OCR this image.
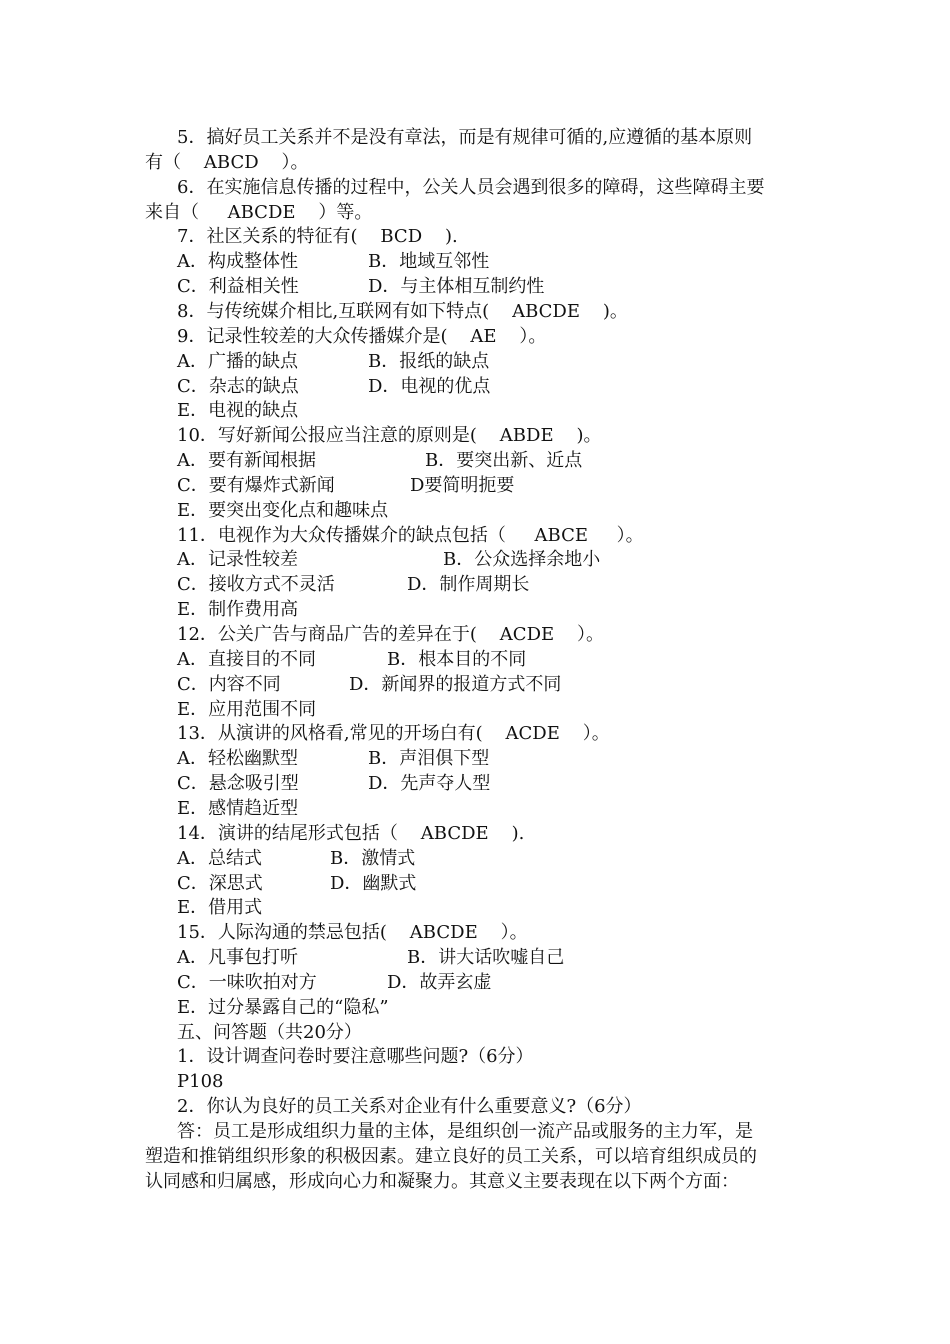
5．搞好员工关系并不是没有章法，而是有规律可循的,应遵循的基本原则
有（    ABCD    ）。
6．在实施信息传播的过程中，公关人员会遇到很多的障碍，这些障碍主要
来自（     ABCDE    ）等。
7．社区关系的特征有(    BCD    ).
A．构成整体性	B．地域互邻性
C．利益相关性	D．与主体相互制约性
8．与传统媒介相比,互联网有如下特点(    ABCDE    )。
9．记录性较差的大众传播媒介是(    AE    ）。
A．广播的缺点	B．报纸的缺点
C．杂志的缺点	D．电视的优点
E．电视的缺点
10．写好新闻公报应当注意的原则是(    ABDE    )。
A．要有新闻根据	B．要突出新、近点
C．要有爆炸式新闻	D要简明扼要
E．要突出变化点和趣味点
11．电视作为大众传播媒介的缺点包括（     ABCE     ）。
A．记录性较差	B．公众选择余地小
C．接收方式不灵活	D．制作周期长
E．制作费用高
12．公关广告与商品广告的差异在于(    ACDE    ）。
A．直接目的不同	B．根本目的不同
C．内容不同	D．新闻界的报道方式不同
E．应用范围不同
13．从演讲的风格看,常见的开场白有(    ACDE    ）。
A．轻松幽默型	B．声泪俱下型
C．悬念吸引型	D．先声夺人型
E．感情趋近型
14．演讲的结尾形式包括（    ABCDE    ).
A．总结式	B．激情式
C．深思式	D．幽默式
E．借用式
15．人际沟通的禁忌包括(    ABCDE    ）。
A．凡事包打听	B．讲大话吹嘘自己
C．一味吹拍对方	D．故弄玄虚
E．过分暴露自己的“隐私”
五、问答题（共20分）
1．设计调查问卷时要注意哪些问题?（6分）
P108
2．你认为良好的员工关系对企业有什么重要意义?（6分）
答：员工是形成组织力量的主体，是组织创一流产品或服务的主力军，是
塑造和推销组织形象的积极因素。建立良好的员工关系，可以培育组织成员的
认同感和归属感，形成向心力和凝聚力。其意义主要表现在以下两个方面：
